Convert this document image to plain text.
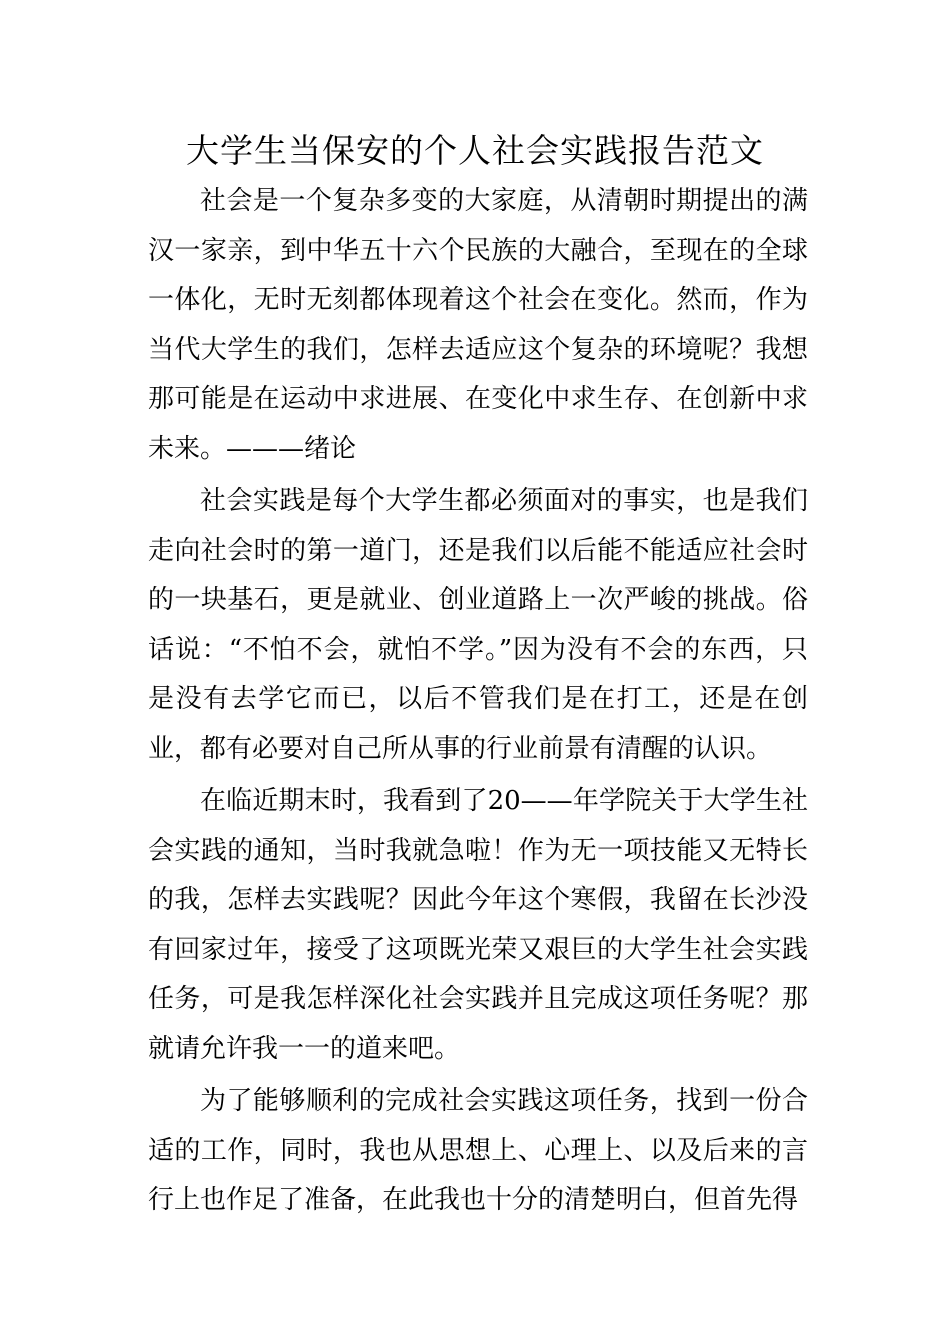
大学生当保安的个人社会实践报告范文

社会是一个复杂多变的大家庭，从清朝时期提出的满汉一家亲，到中华五十六个民族的大融合，至现在的全球一体化，无时无刻都体现着这个社会在变化。然而，作为当代大学生的我们，怎样去适应这个复杂的环境呢？我想那可能是在运动中求进展、在变化中求生存、在创新中求未来。———绪论

社会实践是每个大学生都必须面对的事实，也是我们走向社会时的第一道门，还是我们以后能不能适应社会时的一块基石，更是就业、创业道路上一次严峻的挑战。俗话说：“不怕不会，就怕不学。”因为没有不会的东西，只是没有去学它而已，以后不管我们是在打工，还是在创业，都有必要对自己所从事的行业前景有清醒的认识。

在临近期末时，我看到了20——年学院关于大学生社会实践的通知，当时我就急啦！作为无一项技能又无特长的我，怎样去实践呢？因此今年这个寒假，我留在长沙没有回家过年，接受了这项既光荣又艰巨的大学生社会实践任务，可是我怎样深化社会实践并且完成这项任务呢？那就请允许我一一的道来吧。

为了能够顺利的完成社会实践这项任务，找到一份合适的工作，同时，我也从思想上、心理上、以及后来的言行上也作足了准备，在此我也十分的清楚明白，但首先得
